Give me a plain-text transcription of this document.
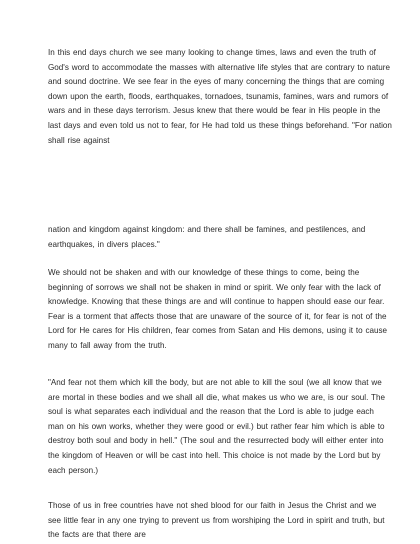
In this end days church we see many looking to change times, laws and even the truth of God's word to accommodate the masses with alternative life styles that are contrary to nature and sound doctrine. We see fear in the eyes of many concerning the things that are coming down upon the earth, floods, earthquakes, tornadoes, tsunamis, famines, wars and rumors of wars and in these days terrorism. Jesus knew that there would be fear in His people in the last days and even told us not to fear, for He had told us these things beforehand. "For nation shall rise against

nation and kingdom against kingdom: and there shall be famines, and pestilences, and earthquakes, in divers places."

We should not be shaken and with our knowledge of these things to come, being the beginning of sorrows we shall not be shaken in mind or spirit. We only fear with the lack of knowledge. Knowing that these things are and will continue to happen should ease our fear. Fear is a torment that affects those that are unaware of the source of it, for fear is not of the Lord for He cares for His children, fear comes from Satan and His demons, using it to cause many to fall away from the truth.

"And fear not them which kill the body, but are not able to kill the soul (we all know that we are mortal in these bodies and we shall all die, what makes us who we are, is our soul. The soul is what separates each individual and the reason that the Lord is able to judge each man on his own works, whether they were good or evil.) but rather fear him which is able to destroy both soul and body in hell." (The soul and the resurrected body will either enter into the kingdom of Heaven or will be cast into hell. This choice is not made by the Lord but by each person.)

Those of us in free countries have not shed blood for our faith in Jesus the Christ and we see little fear in any one trying to prevent us from worshiping the Lord in spirit and truth, but the facts are that there are
